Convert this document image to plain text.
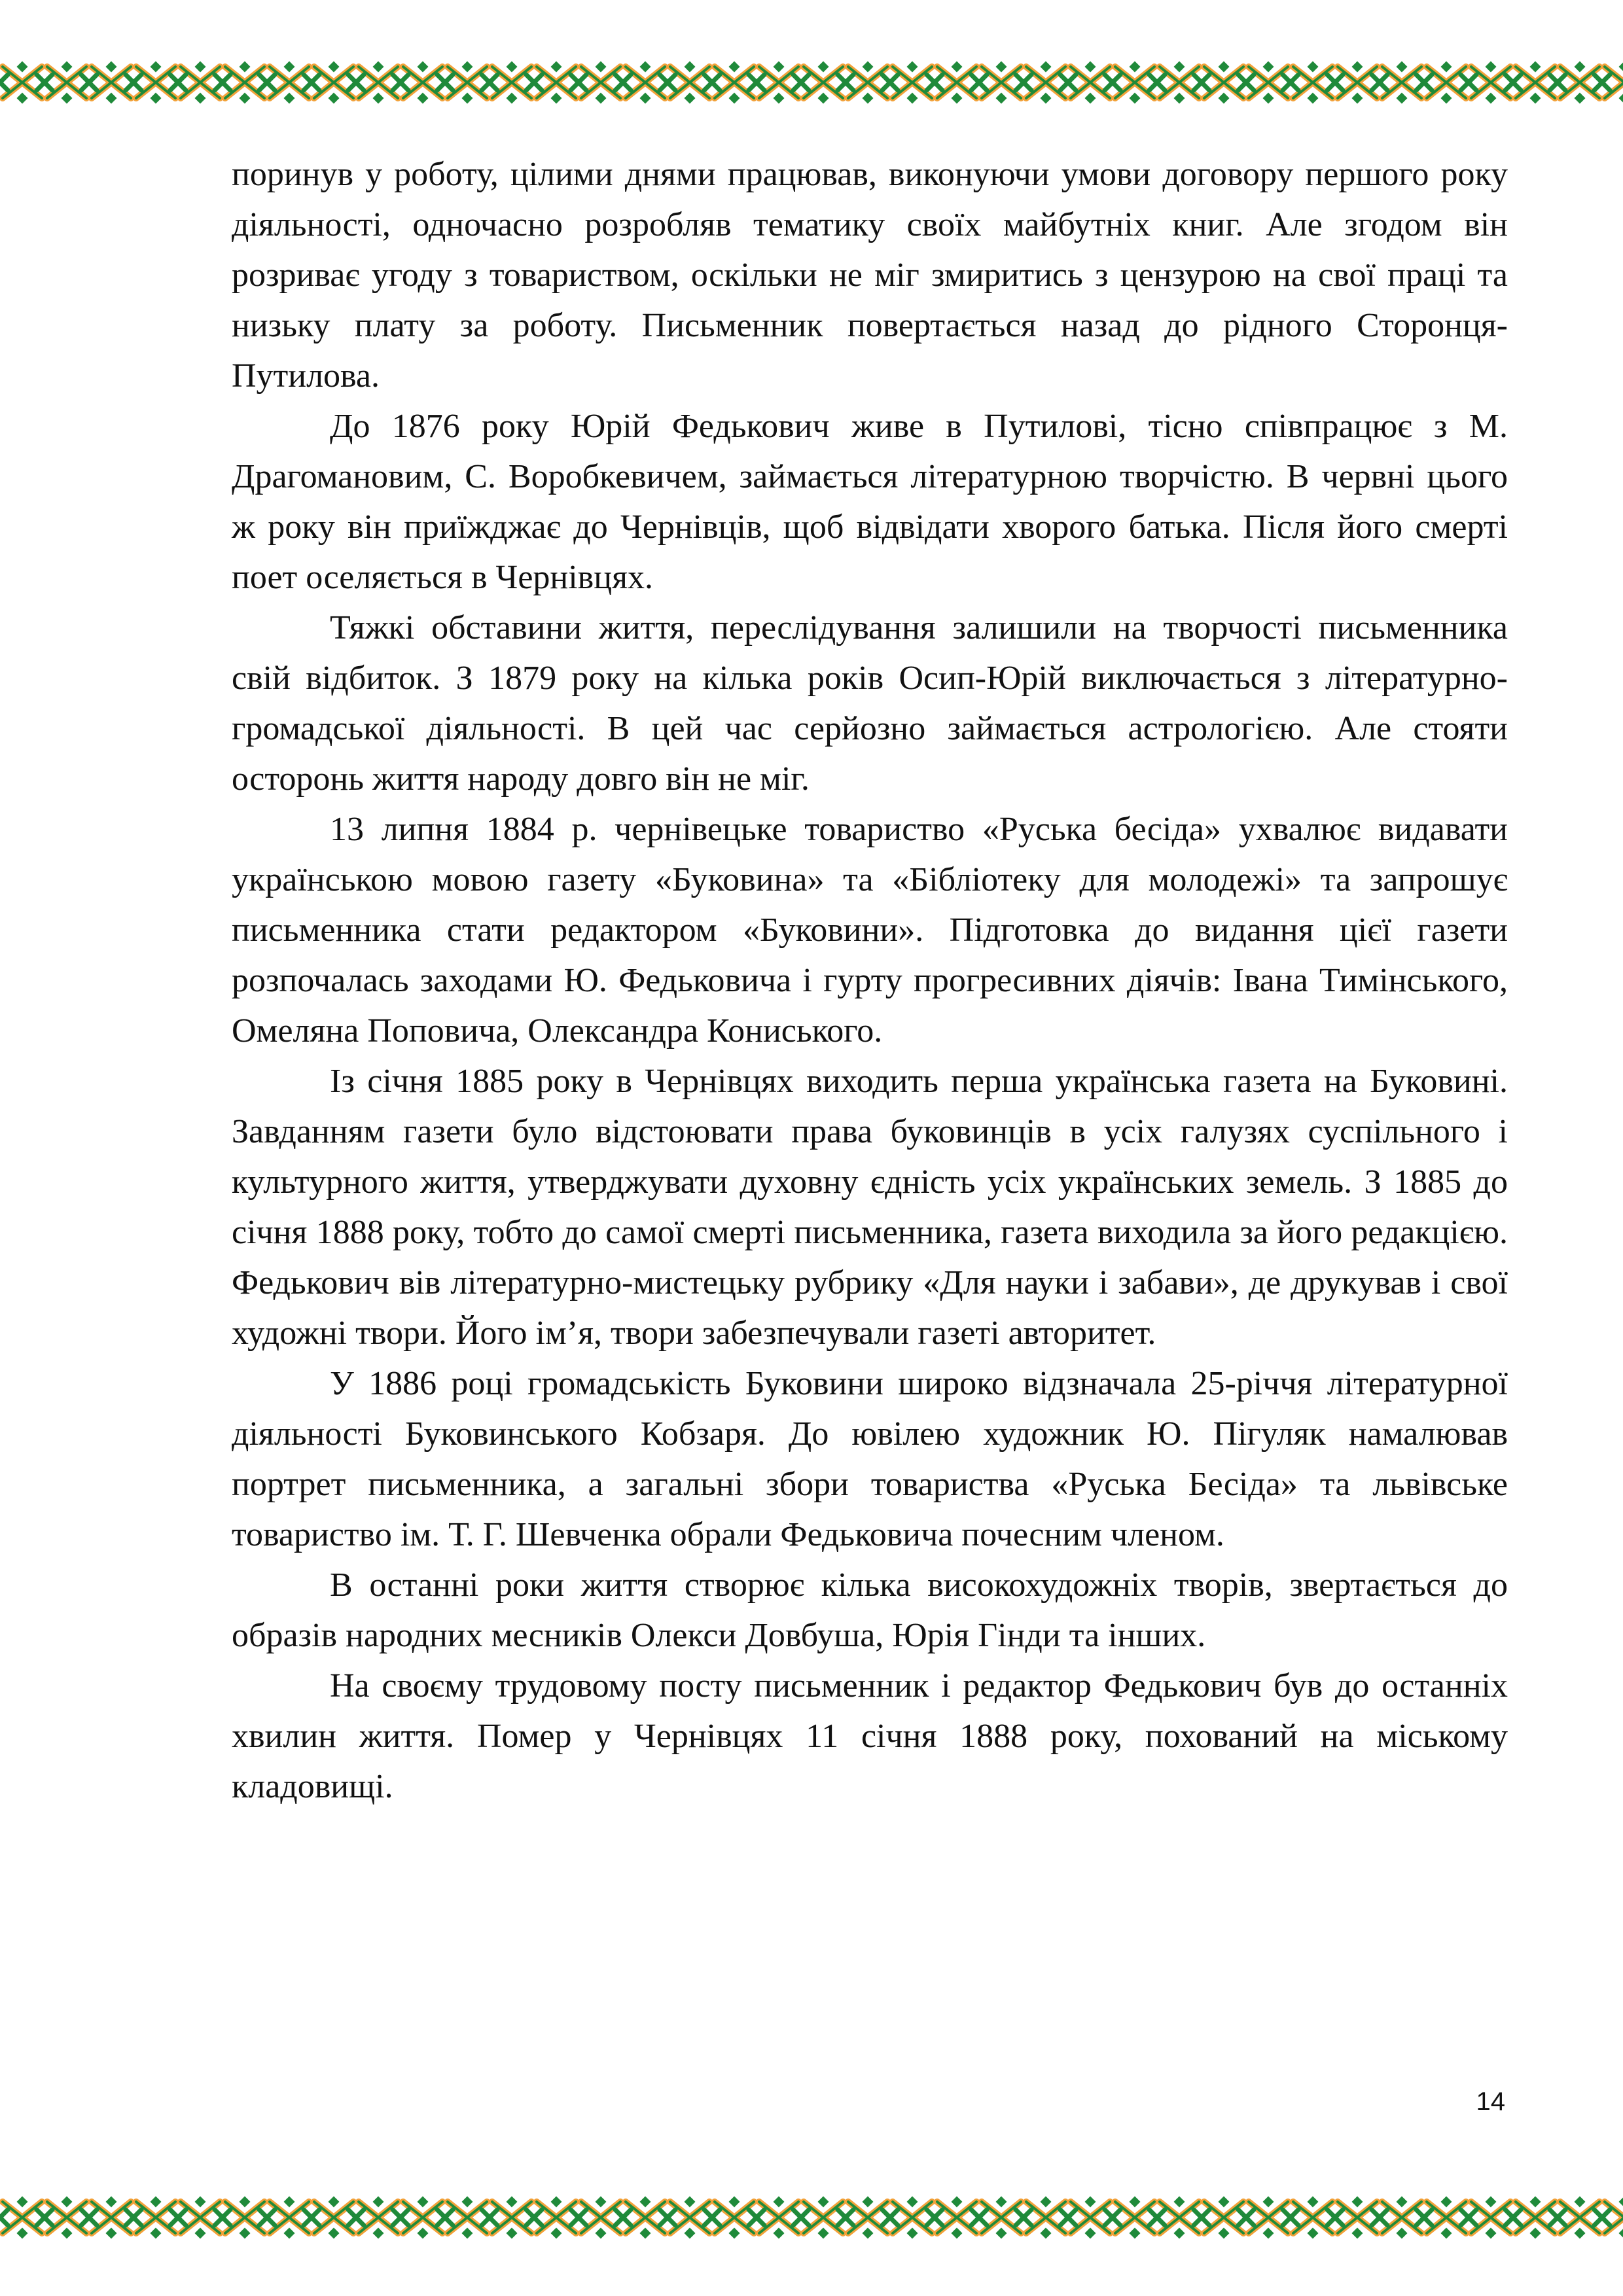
поринув у роботу, цілими днями працював, виконуючи умови договору першого року діяльності, одночасно розробляв тематику своїх майбутніх книг. Але згодом він розриває угоду з товариством, оскільки не міг змиритись з цензурою на свої праці та низьку плату за роботу. Письменник повертається назад до рідного Сторонця-Путилова.

До 1876 року Юрій Федькович живе в Путилові, тісно співпрацює з М. Драгомановим, С. Воробкевичем, займається літературною творчістю. В червні цього ж року він приїжджає до Чернівців, щоб відвідати хворого батька. Після його смерті поет оселяється в Чернівцях.

Тяжкі обставини життя, переслідування залишили на творчості письменника свій відбиток. З 1879 року на кілька років Осип-Юрій виключається з літературно-громадської діяльності. В цей час серйозно займається астрологією. Але стояти осторонь життя народу довго він не міг.

13 липня 1884 р. чернівецьке товариство «Руська бесіда» ухвалює видавати українською мовою газету «Буковина» та «Бібліотеку для молодежі» та запрошує письменника стати редактором «Буковини». Підготовка до видання цієї газети розпочалась заходами Ю. Федьковича і гурту прогресивних діячів: Івана Тимінського, Омеляна Поповича, Олександра Кониського.

Із січня 1885 року в Чернівцях виходить перша українська газета на Буковині. Завданням газети було відстоювати права буковинців в усіх галузях суспільного і культурного життя, утверджувати духовну єдність усіх українських земель. З 1885 до січня 1888 року, тобто до самої смерті письменника, газета виходила за його редакцією. Федькович вів літературно-мистецьку рубрику «Для науки і забави», де друкував і свої художні твори. Його ім’я, твори забезпечували газеті авторитет.

У 1886 році громадськість Буковини широко відзначала 25-річчя літературної діяльності Буковинського Кобзаря. До ювілею художник Ю. Пігуляк намалював портрет письменника, а загальні збори товариства «Руська Бесіда» та львівське товариство ім. Т. Г. Шевченка обрали Федьковича почесним членом.

В останні роки життя створює кілька високохудожніх творів, звертається до образів народних месників Олекси Довбуша, Юрія Гінди та інших.

На своєму трудовому посту письменник і редактор Федькович був до останніх хвилин життя. Помер у Чернівцях 11 січня 1888 року, похований на міському кладовищі.

14
